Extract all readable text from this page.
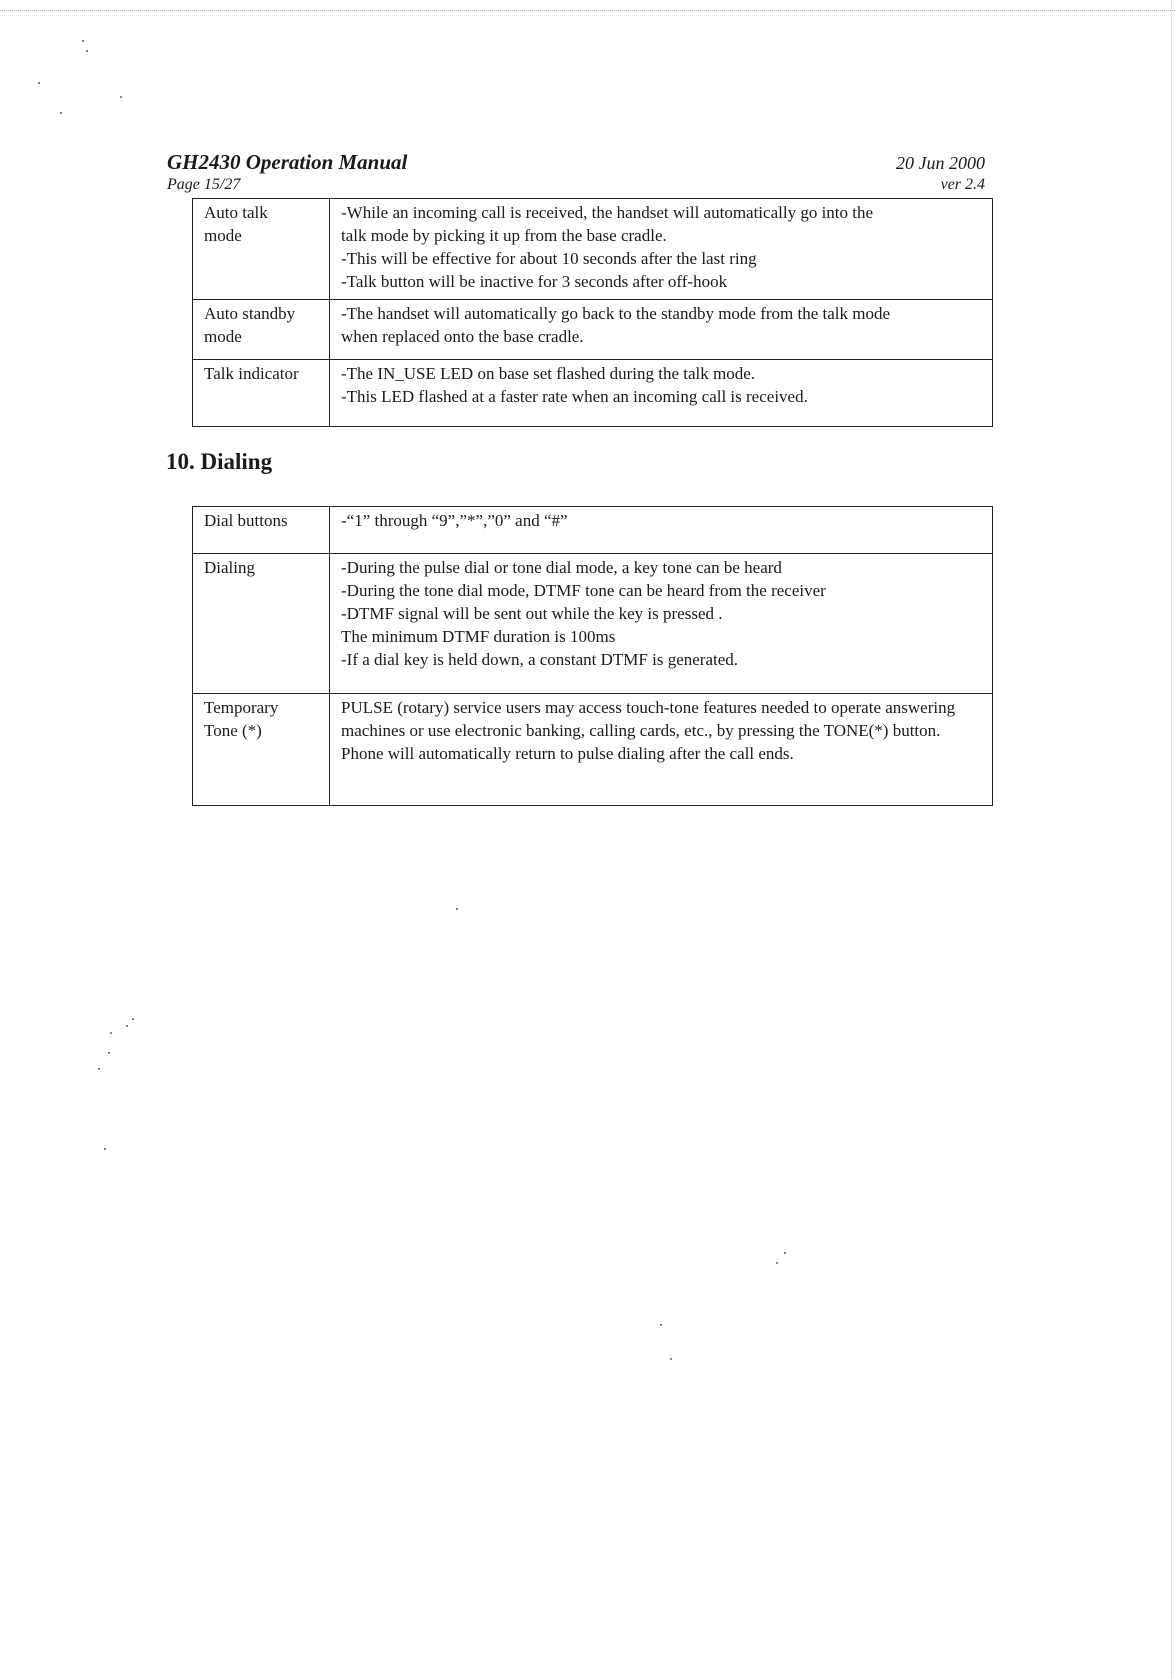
GH2430 Operation Manual	20 Jun 2000
Page 15/27	ver 2.4
Auto talk
mode	-While an incoming call is received, the handset will automatically go into the
talk mode by picking it up from the base cradle.
-This will be effective for about 10 seconds after the last ring
-Talk button will be inactive for 3 seconds after off-hook

Auto standby
mode	-The handset will automatically go back to the standby mode from the talk mode
when replaced onto the base cradle.

Talk indicator	-The IN_USE LED on base set flashed during the talk mode.
-This LED flashed at a faster rate when an incoming call is received.
10. Dialing
Dial buttons	-“1” through “9”,”*”,”0” and “#”

Dialing	-During the pulse dial or tone dial mode, a key tone can be heard
-During the tone dial mode, DTMF tone can be heard from the receiver
-DTMF signal will be sent out while the key is pressed .
The minimum DTMF duration is 100ms
-If a dial key is held down, a constant DTMF is generated.

Temporary
Tone (*)	PULSE (rotary) service users may access touch-tone features needed to operate answering machines or use electronic banking, calling cards, etc., by pressing the TONE(*) button. Phone will automatically return to pulse dialing after the call ends.
